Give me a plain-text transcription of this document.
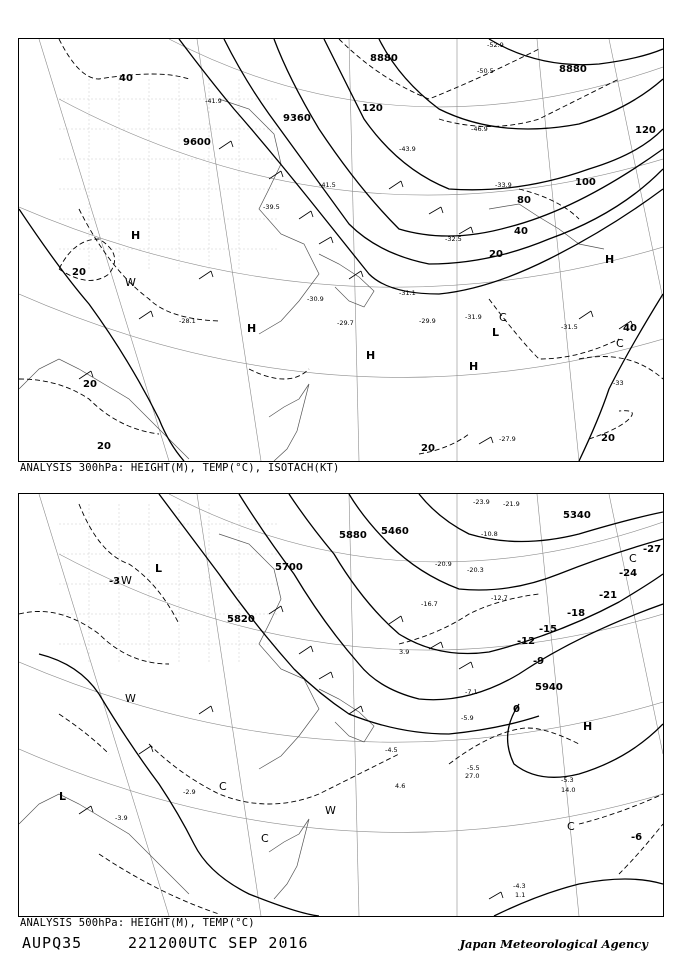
8880
8880
9360
9600
120
120
100
80
40
40
40
20
20
20
20	20
20
H
H
H
H
H
L
W
C
C
-52.9
-50.5
-41.9
-46.9
-43.9
-41.5
-39.5
-33.9
-32.5
-31.1
-30.9
-29.9
-29.7
-28.1
-27.9
-31.9
-31.5
-33
ANALYSIS 300hPa: HEIGHT(M), TEMP(°C), ISOTACH(KT)
5340
5460
5700
5820
5880
5940
-27
-24
-21
-18
-15
-12
-9
-6
-3
0
L
L
H
W
W
W
C
C
C
C
-23.9 -21.9
-20.9
-20.3
-16.7
-12.7
-10.8
-7.1
-5.9
-5.5
-5.3
-4.5
-4.3
-3.9
-2.9
1.1
3.9
4.6	14.0
27.0
ANALYSIS 500hPa: HEIGHT(M), TEMP(°C)
AUPQ35	221200UTC SEP 2016	Japan Meteorological Agency
